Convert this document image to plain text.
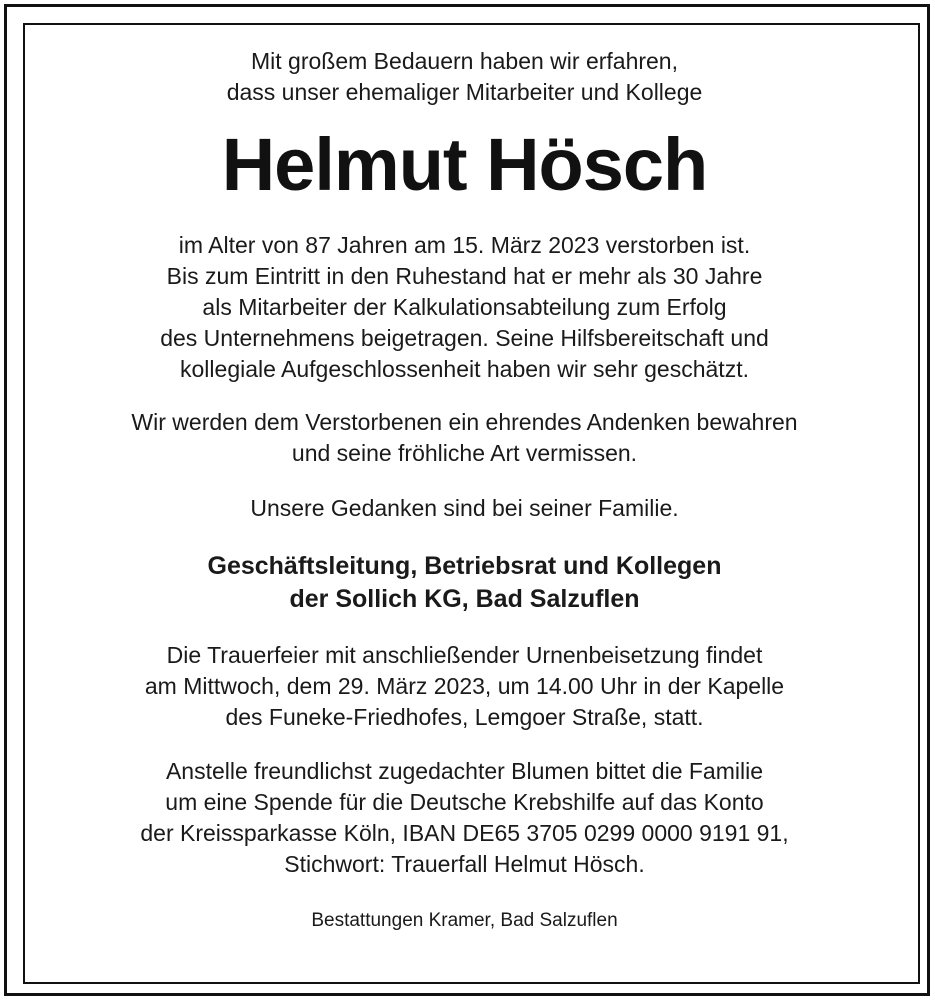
Mit großem Bedauern haben wir erfahren,

dass unser ehemaliger Mitarbeiter und Kollege

Helmut Hösch

im Alter von 87 Jahren am 15. März 2023 verstorben ist.

Bis zum Eintritt in den Ruhestand hat er mehr als 30 Jahre

als Mitarbeiter der Kalkulationsabteilung zum Erfolg

des Unternehmens beigetragen. Seine Hilfsbereitschaft und

kollegiale Aufgeschlossenheit haben wir sehr geschätzt.

Wir werden dem Verstorbenen ein ehrendes Andenken bewahren

und seine fröhliche Art vermissen.

Unsere Gedanken sind bei seiner Familie.

Geschäftsleitung, Betriebsrat und Kollegen

der Sollich KG, Bad Salzuflen

Die Trauerfeier mit anschließender Urnenbeisetzung findet

am Mittwoch, dem 29. März 2023, um 14.00 Uhr in der Kapelle

des Funeke-Friedhofes, Lemgoer Straße, statt.

Anstelle freundlichst zugedachter Blumen bittet die Familie

um eine Spende für die Deutsche Krebshilfe auf das Konto

der Kreissparkasse Köln, IBAN DE65 3705 0299 0000 9191 91,

Stichwort: Trauerfall Helmut Hösch.

Bestattungen Kramer, Bad Salzuflen
